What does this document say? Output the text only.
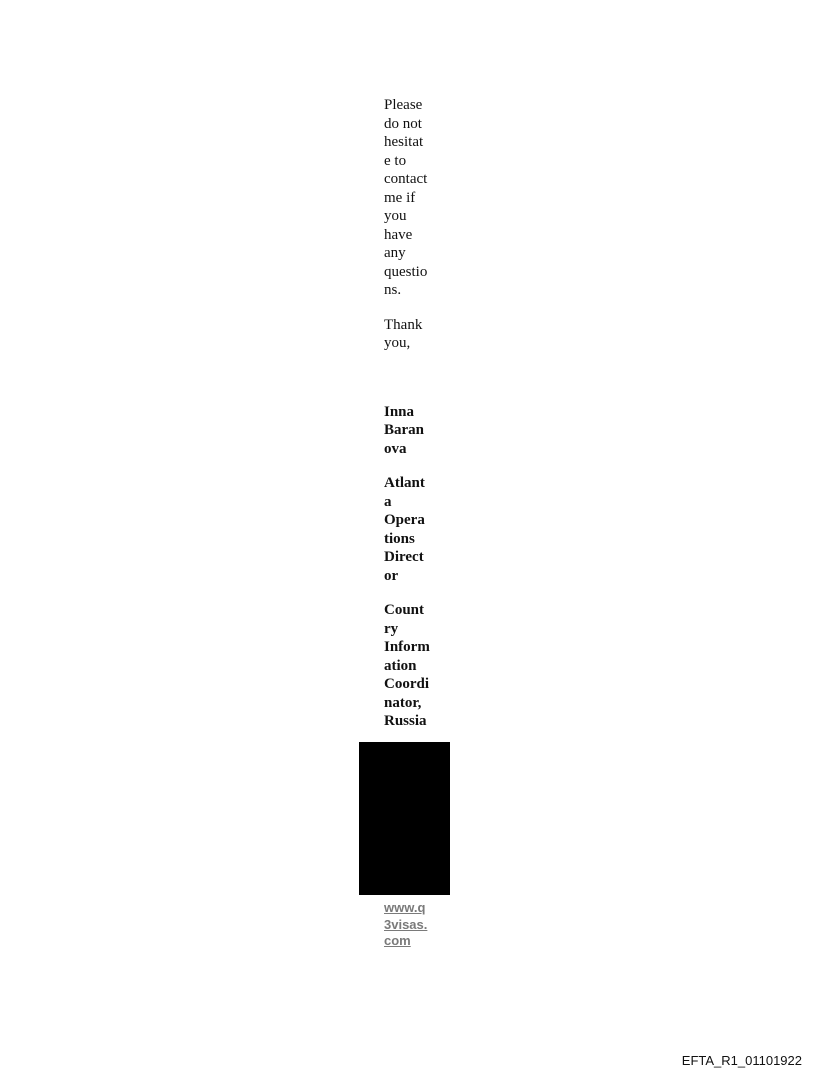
Please
do not
hesitat
e to
contact
me if
you
have
any
questio
ns.
Thank
you,
Inna
Baran
ova
Atlant
a
Opera
tions
Direct
or
Count
ry
Inform
ation
Coordi
nator,
Russia
www.q
3visas.
com
EFTA_R1_01101922
